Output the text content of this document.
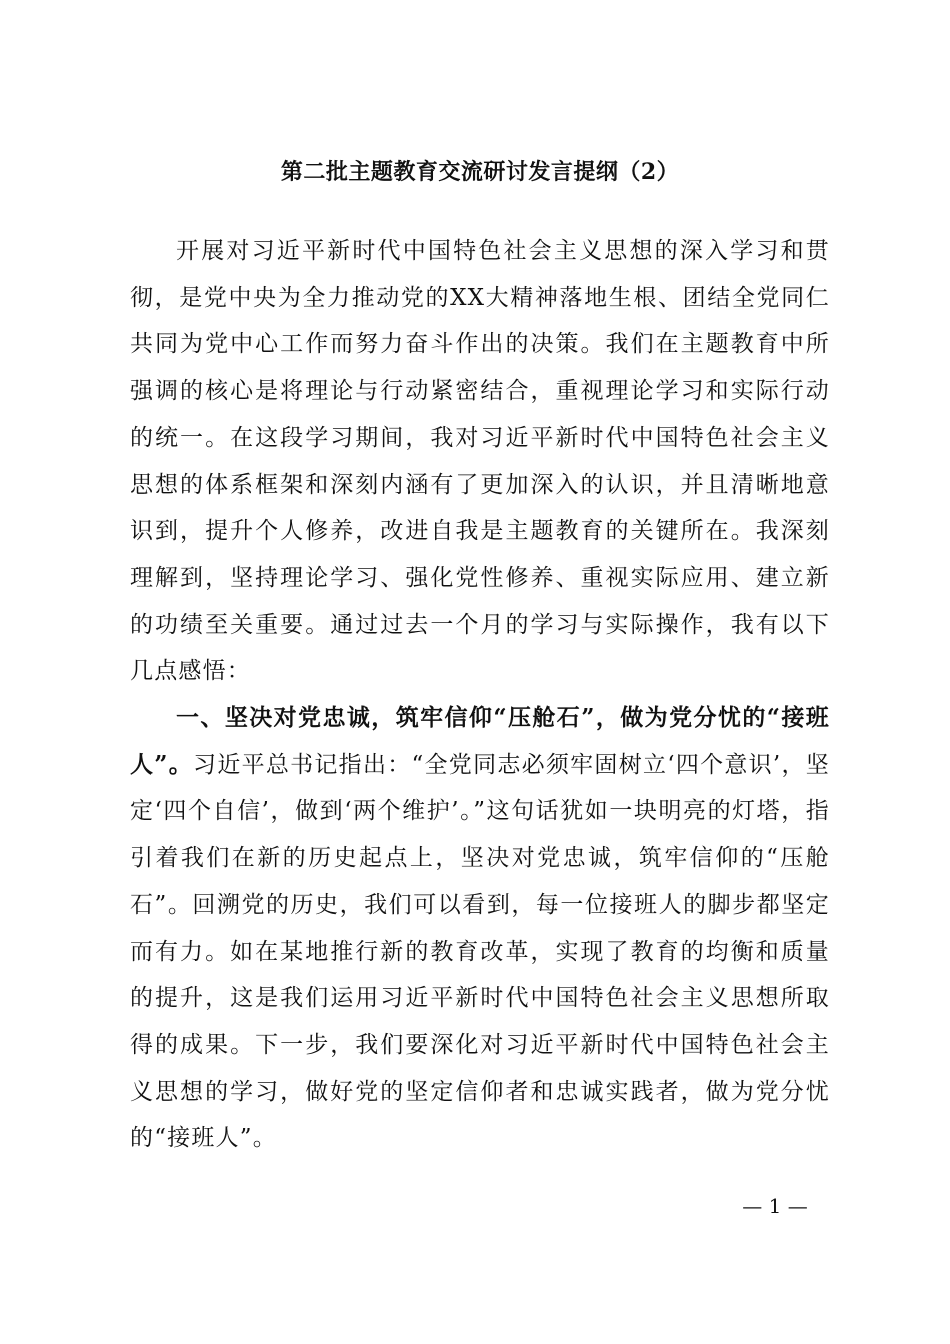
第二批主题教育交流研讨发言提纲（2）

开展对习近平新时代中国特色社会主义思想的深入学习和贯彻，是党中央为全力推动党的XX大精神落地生根、团结全党同仁共同为党中心工作而努力奋斗作出的决策。我们在主题教育中所强调的核心是将理论与行动紧密结合，重视理论学习和实际行动的统一。在这段学习期间，我对习近平新时代中国特色社会主义思想的体系框架和深刻内涵有了更加深入的认识，并且清晰地意识到，提升个人修养，改进自我是主题教育的关键所在。我深刻理解到，坚持理论学习、强化党性修养、重视实际应用、建立新的功绩至关重要。通过过去一个月的学习与实际操作，我有以下几点感悟：

一、坚决对党忠诚，筑牢信仰“压舱石”，做为党分忧的“接班人”。习近平总书记指出：“全党同志必须牢固树立‘四个意识’，坚定‘四个自信’，做到‘两个维护’。”这句话犹如一块明亮的灯塔，指引着我们在新的历史起点上，坚决对党忠诚，筑牢信仰的“压舱石”。回溯党的历史，我们可以看到，每一位接班人的脚步都坚定而有力。如在某地推行新的教育改革，实现了教育的均衡和质量的提升，这是我们运用习近平新时代中国特色社会主义思想所取得的成果。下一步，我们要深化对习近平新时代中国特色社会主义思想的学习，做好党的坚定信仰者和忠诚实践者，做为党分忧的“接班人”。

— 1 —
